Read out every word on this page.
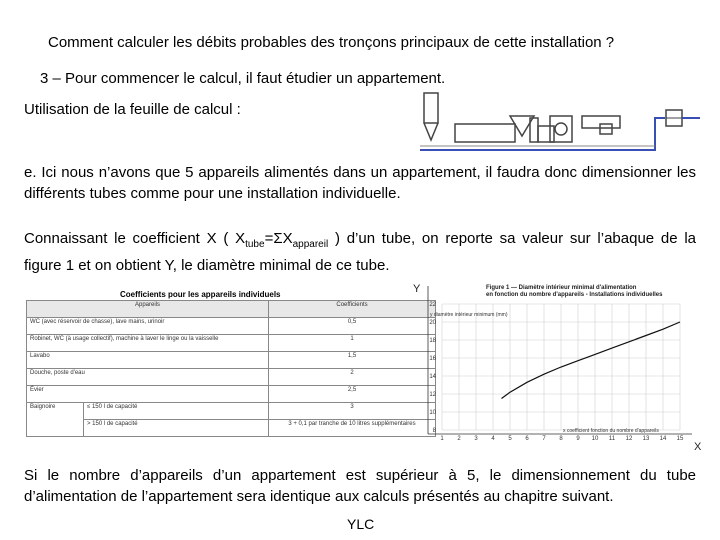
Comment calculer les débits probables des tronçons principaux de cette installation ?
3 – Pour commencer le calcul, il faut étudier un appartement.
Utilisation de la feuille de calcul :
e. Ici nous n’avons que 5 appareils alimentés dans un appartement, il faudra donc dimensionner les différents tubes comme pour une installation individuelle.
Connaissant le coefficient X ( $X_{tube}=\Sigma X_{appareil}$ ) d’un tube, on reporte sa valeur sur l’abaque de la figure 1 et on obtient Y, le diamètre minimal de ce tube.
Coefficients pour les appareils individuels
Appareils		Coefficients
WC (avec réservoir de chasse), lave mains, urinoir		0,5
Robinet, WC (à usage collectif), machine à laver le linge ou la vaisselle		1
Lavabo		1,5
Douche, poste d'eau		2
Évier		2,5
Baignoire	≤ 150 l de capacité	3
	> 150 l de capacité	3 + 0,1 par tranche de 10 litres supplémentaires
1 2 3 4 5 6 7 8 9 10 11 12 13 14 15
8
10
12
14
16
18
20
22
Figure 1 — Diamètre intérieur minimal d'alimentation en fonction du nombre d'appareils - Installations individuelles
Y
X
y diamètre intérieur minimum (mm)
x coefficient fonction du nombre d'appareils
Si le nombre d’appareils d’un appartement est supérieur à 5, le dimensionnement du tube d’alimentation de l’appartement sera identique aux calculs présentés au chapitre suivant.
YLC
